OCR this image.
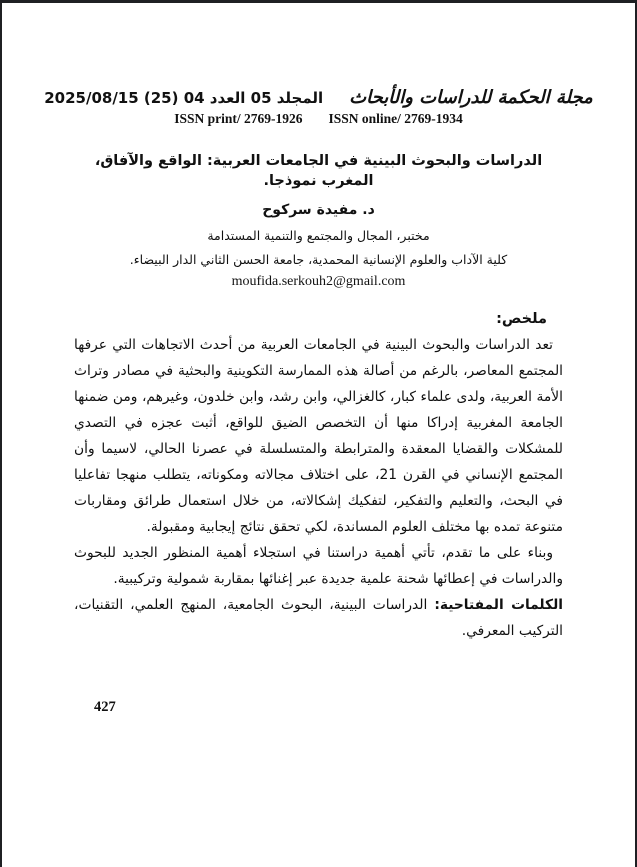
مجلة الحكمة للدراسات والأبحاث
المجلد 05 العدد 04 (25) 2025/08/15
ISSN print/ 2769-1926 ISSN online/ 2769-1934
الدراسات والبحوث البينية في الجامعات العربية: الواقع والآفاق، المغرب نموذجا.
د. مفيدة سركوح
مختبر، المجال والمجتمع والتنمية المستدامة
كلية الآداب والعلوم الإنسانية المحمدية، جامعة الحسن الثاني الدار البيضاء.
moufida.serkouh2@gmail.com
ملخص:

تعد الدراسات والبحوث البينية في الجامعات العربية من أحدث الاتجاهات التي عرفها المجتمع المعاصر، بالرغم من أصالة هذه الممارسة التكوينية والبحثية في مصادر وتراث الأمة العربية، ولدى علماء كبار، كالغزالي، وابن رشد، وابن خلدون، وغيرهم، ومن ضمنها الجامعة المغربية إدراكا منها أن التخصص الضيق للواقع، أثبت عجزه في التصدي للمشكلات والقضايا المعقدة والمترابطة والمتسلسلة في عصرنا الحالي، لاسيما وأن المجتمع الإنساني في القرن 21، على اختلاف مجالاته ومكوناته، يتطلب منهجا تفاعليا في البحث، والتعليم والتفكير، لتفكيك إشكالاته، من خلال استعمال طرائق ومقاربات متنوعة تمده بها مختلف العلوم المساندة، لكي تحقق نتائج إيجابية ومقبولة.

وبناء على ما تقدم، تأتي أهمية دراستنا في استجلاء أهمية المنظور الجديد للبحوث والدراسات في إعطائها شحنة علمية جديدة عبر إغنائها بمقاربة شمولية وتركيبية.

الكلمات المفتاحية: الدراسات البينية، البحوث الجامعية، المنهج العلمي، التقنيات، التركيب المعرفي.
427
